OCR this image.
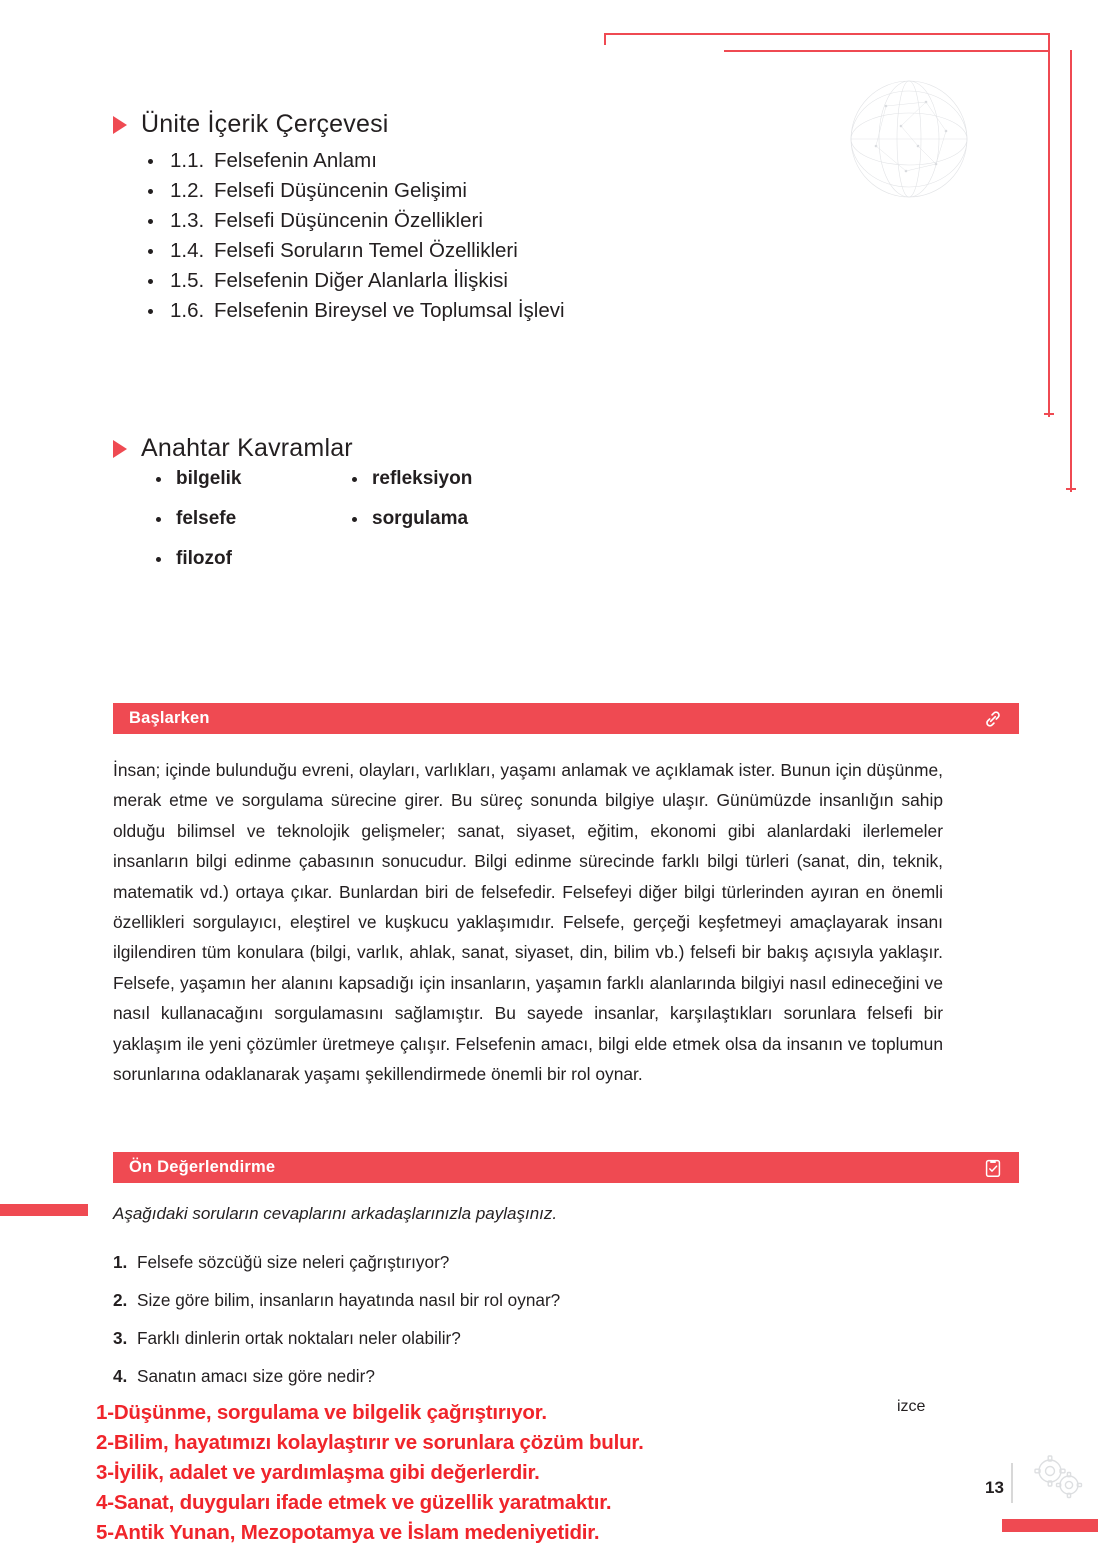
Ünite İçerik Çerçevesi
1.1. Felsefenin Anlamı
1.2. Felsefi Düşüncenin Gelişimi
1.3. Felsefi Düşüncenin Özellikleri
1.4. Felsefi Soruların Temel Özellikleri
1.5. Felsefenin Diğer Alanlarla İlişkisi
1.6. Felsefenin Bireysel ve Toplumsal İşlevi
Anahtar Kavramlar
bilgelik
felsefe
filozof
refleksiyon
sorgulama
Başlarken
İnsan; içinde bulunduğu evreni, olayları, varlıkları, yaşamı anlamak ve açıklamak ister. Bunun için düşünme, merak etme ve sorgulama sürecine girer. Bu süreç sonunda bilgiye ulaşır. Günümüzde insanlığın sahip olduğu bilimsel ve teknolojik gelişmeler; sanat, siyaset, eğitim, ekonomi gibi alanlardaki ilerlemeler insanların bilgi edinme çabasının sonucudur. Bilgi edinme sürecinde farklı bilgi türleri (sanat, din, teknik, matematik vd.) ortaya çıkar. Bunlardan biri de felsefedir. Felsefeyi diğer bilgi türlerinden ayıran en önemli özellikleri sorgulayıcı, eleştirel ve kuşkucu yaklaşımıdır. Felsefe, gerçeği keşfetmeyi amaçlayarak insanı ilgilendiren tüm konulara (bilgi, varlık, ahlak, sanat, siyaset, din, bilim vb.) felsefi bir bakış açısıyla yaklaşır. Felsefe, yaşamın her alanını kapsadığı için insanların, yaşamın farklı alanlarında bilgiyi nasıl edineceğini ve nasıl kullanacağını sorgulamasını sağlamıştır. Bu sayede insanlar, karşılaştıkları sorunlara felsefi bir yaklaşım ile yeni çözümler üretmeye çalışır. Felsefenin amacı, bilgi elde etmek olsa da insanın ve toplumun sorunlarına odaklanarak yaşamı şekillendirmede önemli bir rol oynar.
Ön Değerlendirme
Aşağıdaki soruların cevaplarını arkadaşlarınızla paylaşınız.
1. Felsefe sözcüğü size neleri çağrıştırıyor?
2. Size göre bilim, insanların hayatında nasıl bir rol oynar?
3. Farklı dinlerin ortak noktaları neler olabilir?
4. Sanatın amacı size göre nedir?
1-Düşünme, sorgulama ve bilgelik çağrıştırıyor.
2-Bilim, hayatımızı kolaylaştırır ve sorunlara çözüm bulur.
3-İyilik, adalet ve yardımlaşma gibi değerlerdir.
4-Sanat, duyguları ifade etmek ve güzellik yaratmaktır.
5-Antik Yunan, Mezopotamya ve İslam medeniyetidir.
izce
13
